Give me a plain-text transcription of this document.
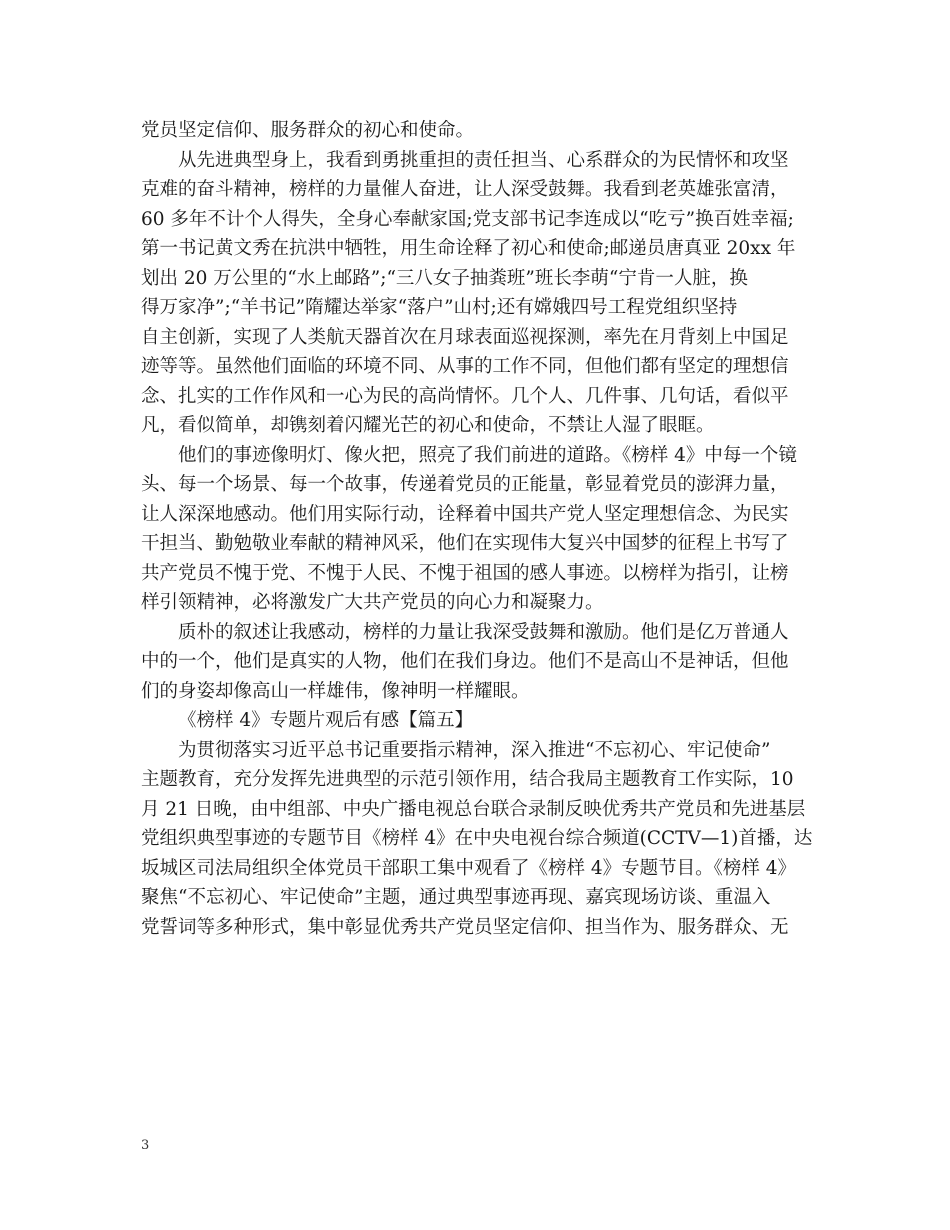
党员坚定信仰、服务群众的初心和使命。
从先进典型身上，我看到勇挑重担的责任担当、心系群众的为民情怀和攻坚
克难的奋斗精神，榜样的力量催人奋进，让人深受鼓舞。我看到老英雄张富清，
60 多年不计个人得失，全身心奉献家国;党支部书记李连成以“吃亏”换百姓幸福;
第一书记黄文秀在抗洪中牺牲，用生命诠释了初心和使命;邮递员唐真亚 20xx 年
划出 20 万公里的“水上邮路”;“三八女子抽粪班”班长李萌“宁肯一人脏，换
得万家净”;“羊书记”隋耀达举家“落户”山村;还有嫦娥四号工程党组织坚持
自主创新，实现了人类航天器首次在月球表面巡视探测，率先在月背刻上中国足
迹等等。虽然他们面临的环境不同、从事的工作不同，但他们都有坚定的理想信
念、扎实的工作作风和一心为民的高尚情怀。几个人、几件事、几句话，看似平
凡，看似简单，却镌刻着闪耀光芒的初心和使命，不禁让人湿了眼眶。
他们的事迹像明灯、像火把，照亮了我们前进的道路。《榜样 4》中每一个镜
头、每一个场景、每一个故事，传递着党员的正能量，彰显着党员的澎湃力量，
让人深深地感动。他们用实际行动，诠释着中国共产党人坚定理想信念、为民实
干担当、勤勉敬业奉献的精神风采，他们在实现伟大复兴中国梦的征程上书写了
共产党员不愧于党、不愧于人民、不愧于祖国的感人事迹。以榜样为指引，让榜
样引领精神，必将激发广大共产党员的向心力和凝聚力。
质朴的叙述让我感动，榜样的力量让我深受鼓舞和激励。他们是亿万普通人
中的一个，他们是真实的人物，他们在我们身边。他们不是高山不是神话，但他
们的身姿却像高山一样雄伟，像神明一样耀眼。
《榜样 4》专题片观后有感【篇五】
为贯彻落实习近平总书记重要指示精神，深入推进“不忘初心、牢记使命”
主题教育，充分发挥先进典型的示范引领作用，结合我局主题教育工作实际，10
月 21 日晚，由中组部、中央广播电视总台联合录制反映优秀共产党员和先进基层
党组织典型事迹的专题节目《榜样 4》在中央电视台综合频道(CCTV—1)首播，达
坂城区司法局组织全体党员干部职工集中观看了《榜样 4》专题节目。《榜样 4》
聚焦“不忘初心、牢记使命”主题，通过典型事迹再现、嘉宾现场访谈、重温入
党誓词等多种形式，集中彰显优秀共产党员坚定信仰、担当作为、服务群众、无
3
